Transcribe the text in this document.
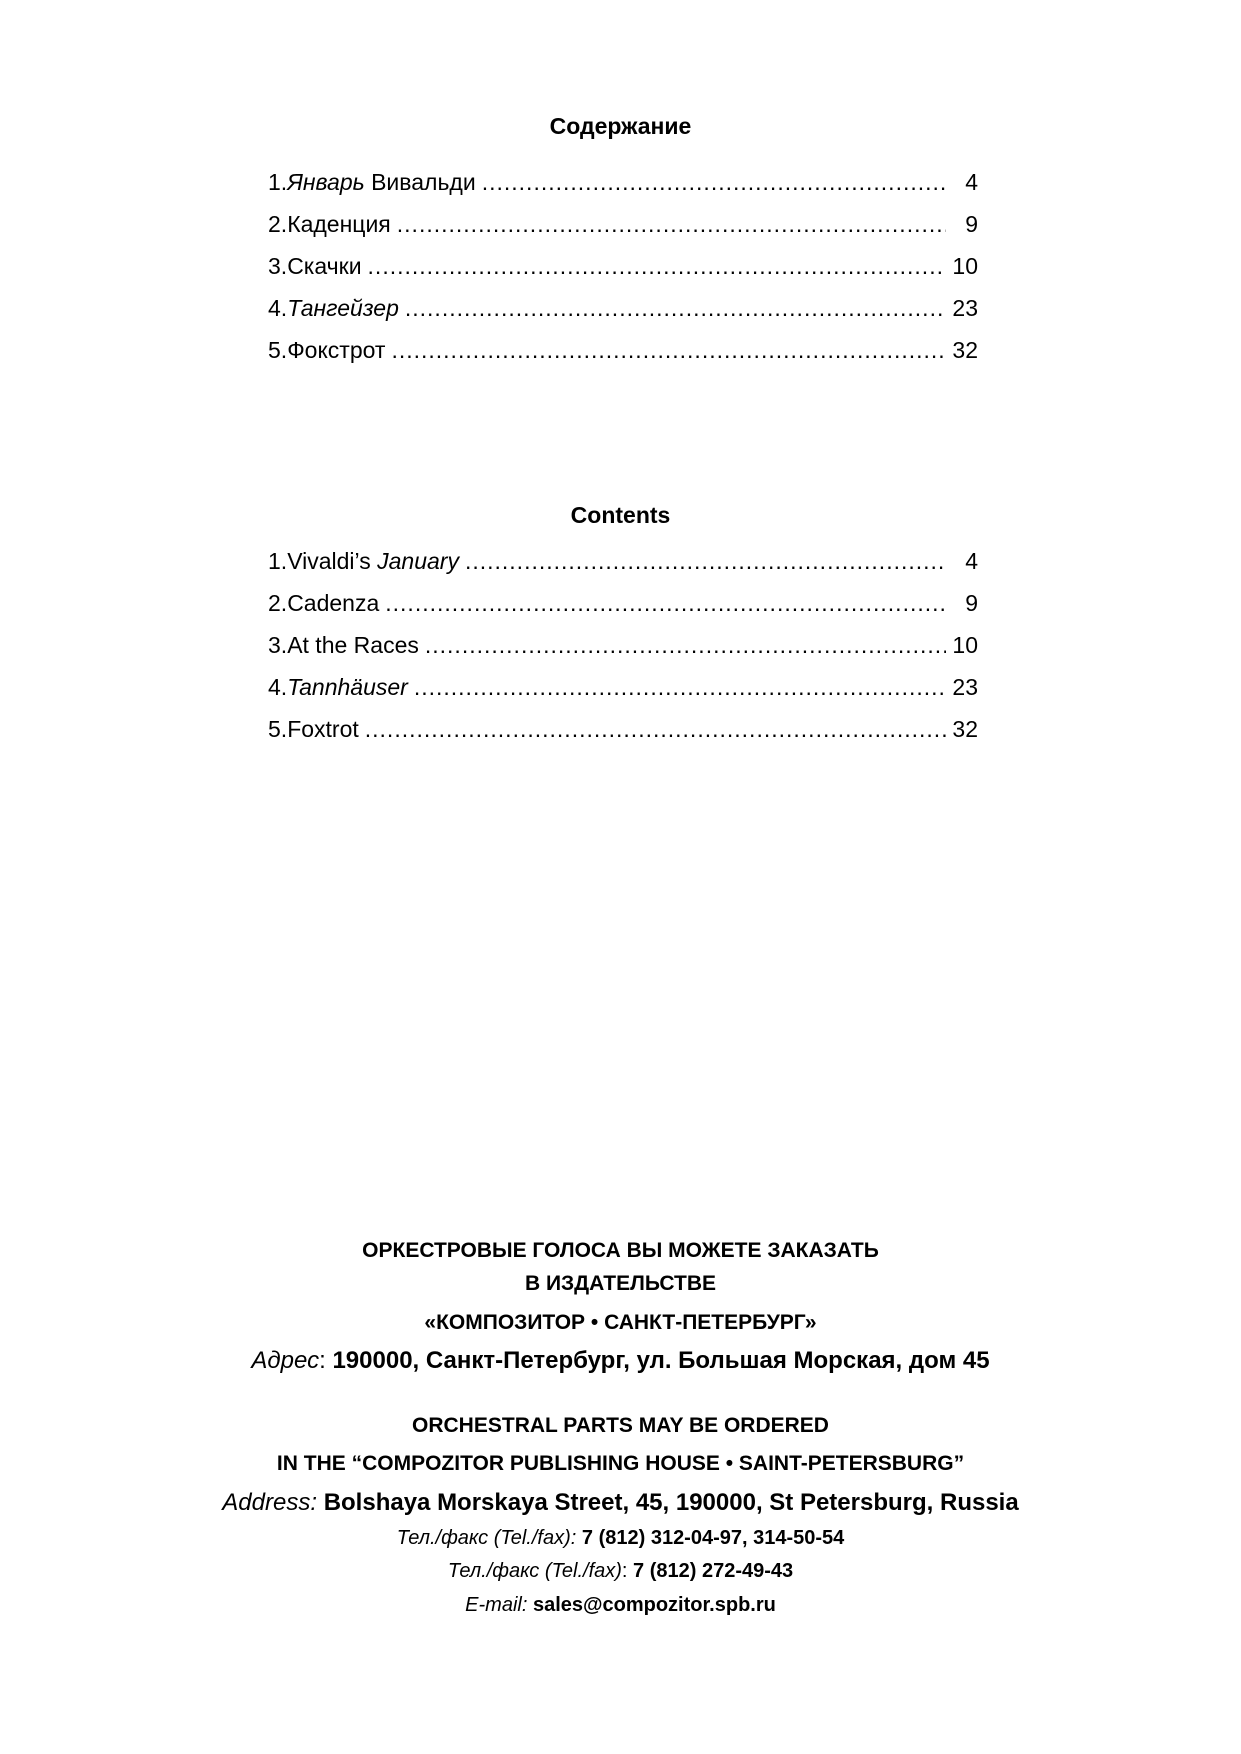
Содержание
1. Январь Вивальди .....	4
2. Каденция .....	9
3. Скачки .....	10
4. Тангейзер .....	23
5. Фокстрот .....	32
Contents
1. Vivaldi’s January .....	4
2. Cadenza .....	9
3. At the Races .....	10
4. Tannhäuser .....	23
5. Foxtrot .....	32
ОРКЕСТРОВЫЕ ГОЛОСА ВЫ МОЖЕТЕ ЗАКАЗАТЬ
В ИЗДАТЕЛЬСТВЕ
«КОМПОЗИТОР • САНКТ-ПЕТЕРБУРГ»
Адрес: 190000, Санкт-Петербург, ул. Большая Морская, дом 45
ORCHESTRAL PARTS MAY BE ORDERED
IN THE “COMPOZITOR PUBLISHING HOUSE • SAINT-PETERSBURG”
Address: Bolshaya Morskaya Street, 45, 190000, St Petersburg, Russia
Тел./факс (Tel./fax): 7 (812) 312-04-97, 314-50-54
Тел./факс (Tel./fax): 7 (812) 272-49-43
E-mail: sales@compozitor.spb.ru
